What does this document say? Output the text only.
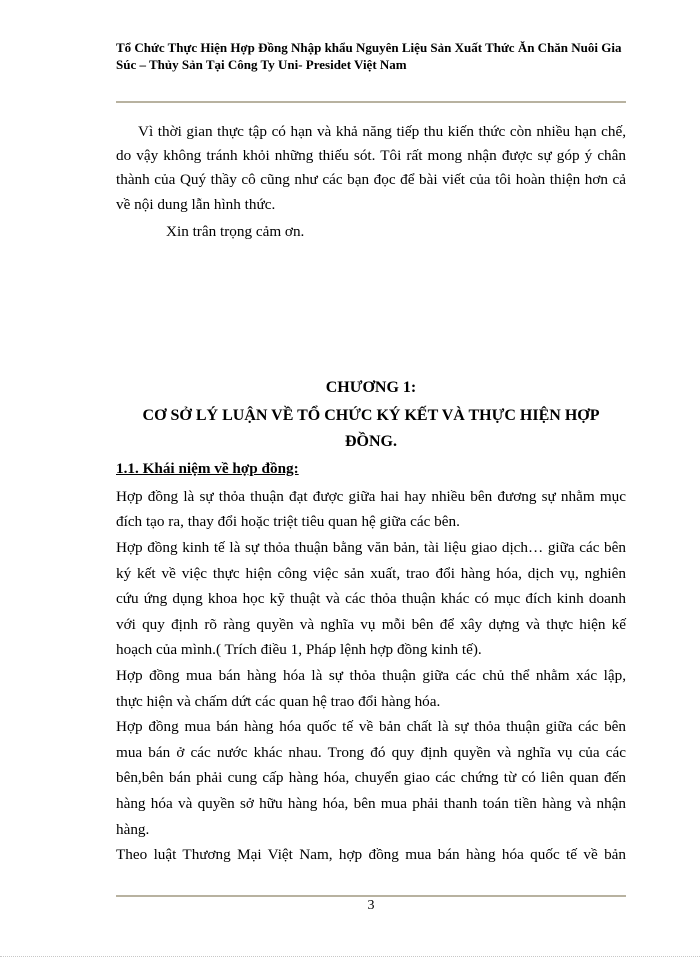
Tổ Chức Thực Hiện Hợp Đồng Nhập khẩu Nguyên Liệu Sản Xuất Thức Ăn Chăn Nuôi Gia Súc – Thủy Sản Tại Công Ty Uni- Presidet Việt Nam
Vì thời gian thực tập có hạn và khả năng tiếp thu kiến thức còn nhiều hạn chế,
do vậy không tránh khỏi những thiếu sót. Tôi rất mong nhận được sự góp ý chân
thành của Quý thầy cô cũng như các bạn đọc để bài viết của tôi hoàn thiện hơn cả
về nội dung lẫn hình thức.
Xin trân trọng cảm ơn.
CHƯƠNG 1:
CƠ SỞ LÝ LUẬN VỀ TỔ CHỨC KÝ KẾT VÀ THỰC HIỆN HỢP
ĐỒNG.
1.1. Khái niệm về hợp đồng:
Hợp đồng là sự thỏa thuận đạt được giữa hai hay nhiều bên đương sự nhằm mục
đích tạo ra, thay đổi hoặc triệt tiêu quan hệ giữa các bên.
Hợp đồng kinh tế là sự thỏa thuận bằng văn bản, tài liệu giao dịch… giữa các bên
ký kết về việc thực hiện công việc sản xuất, trao đổi hàng hóa, dịch vụ, nghiên
cứu ứng dụng khoa học kỹ thuật và các thỏa thuận khác có mục đích kinh doanh
với quy định rõ ràng quyền và nghĩa vụ mỗi bên để xây dựng và thực hiện kế
hoạch của mình.( Trích điều 1, Pháp lệnh hợp đồng kinh tế).
Hợp đồng mua bán hàng hóa là sự thỏa thuận giữa các chủ thể nhằm xác lập,
thực hiện và chấm dứt các quan hệ trao đổi hàng hóa.
Hợp đồng mua bán hàng hóa quốc tế về bản chất là sự thỏa thuận giữa các bên
mua bán ở các nước khác nhau. Trong đó quy định quyền và nghĩa vụ của các
bên,bên bán phải cung cấp hàng hóa, chuyển giao các chứng từ có liên quan đến
hàng hóa và quyền sở hữu hàng hóa, bên mua phải thanh toán tiền hàng và nhận
hàng.
Theo luật Thương Mại Việt Nam, hợp đồng mua bán hàng hóa quốc tế về bản
3
